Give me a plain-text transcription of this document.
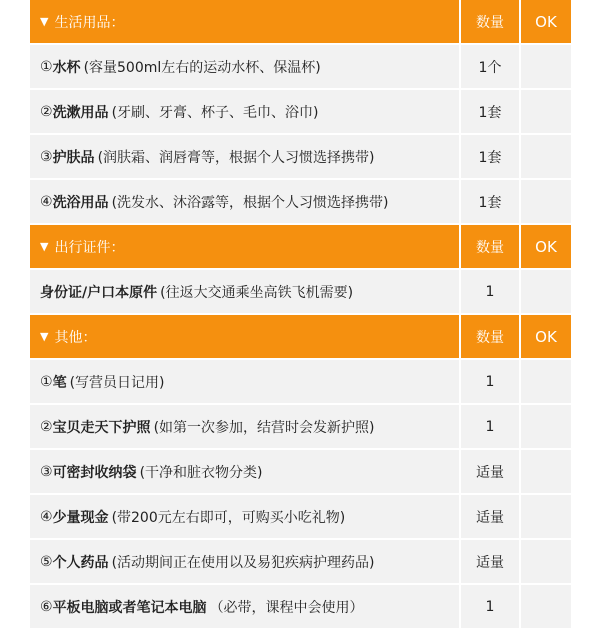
▼ 生活用品：	数量	OK
① 水杯 (容量500ml左右的运动水杯、保温杯)	1个
② 洗漱用品 (牙刷、牙膏、杯子、毛巾、浴巾)	1套
③ 护肤品 (润肤霜、润唇膏等，根据个人习惯选择携带)	1套
④ 洗浴用品 (洗发水、沐浴露等，根据个人习惯选择携带)	1套
▼ 出行证件：	数量	OK
身份证/户口本原件 (往返大交通乘坐高铁飞机需要)	1
▼ 其他：	数量	OK
① 笔 (写营员日记用)	1
② 宝贝走天下护照 (如第一次参加，结营时会发新护照)	1
③ 可密封收纳袋 (干净和脏衣物分类)	适量
④ 少量现金 (带200元左右即可，可购买小吃礼物)	适量
⑤ 个人药品 (活动期间正在使用以及易犯疾病护理药品)	适量
⑥ 平板电脑或者笔记本电脑 （必带，课程中会使用）	1
